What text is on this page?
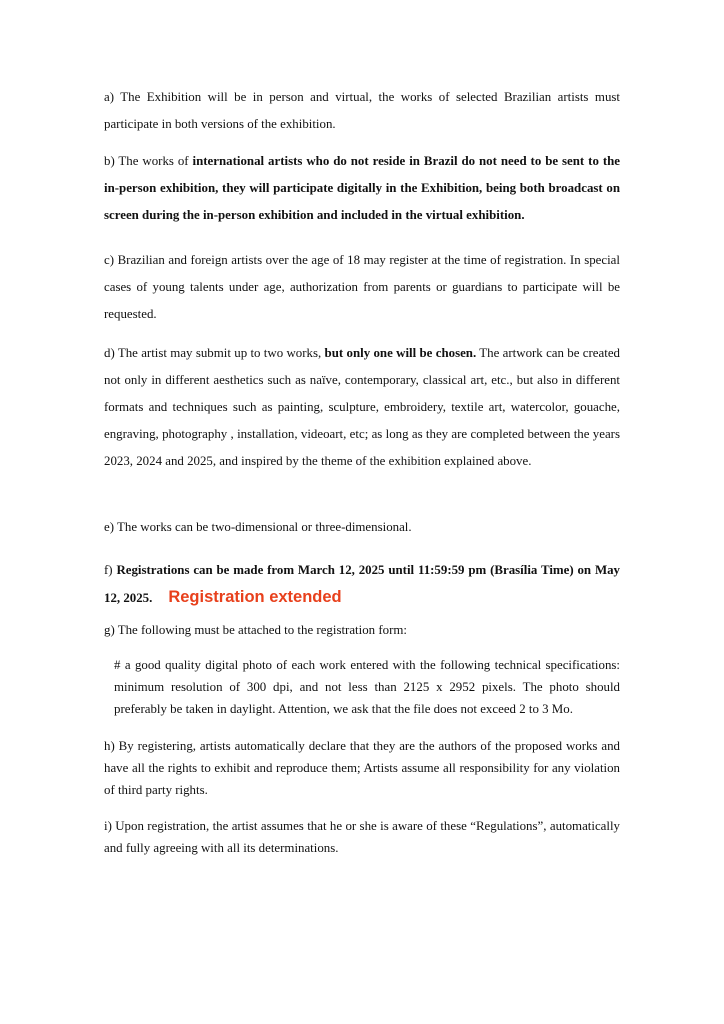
a) The Exhibition will be in person and virtual, the works of selected Brazilian artists must participate in both versions of the exhibition.

b) The works of international artists who do not reside in Brazil do not need to be sent to the in-person exhibition, they will participate digitally in the Exhibition, being both broadcast on screen during the in-person exhibition and included in the virtual exhibition.

c) Brazilian and foreign artists over the age of 18 may register at the time of registration. In special cases of young talents under age, authorization from parents or guardians to participate will be requested.

d) The artist may submit up to two works, but only one will be chosen. The artwork can be created not only in different aesthetics such as naïve, contemporary, classical art, etc., but also in different formats and techniques such as painting, sculpture, embroidery, textile art, watercolor, gouache, engraving, photography , installation, videoart, etc; as long as they are completed between the years 2023, 2024 and 2025, and inspired by the theme of the exhibition explained above.

e) The works can be two-dimensional or three-dimensional.

f) Registrations can be made from March 12, 2025 until 11:59:59 pm (Brasília Time) on May 12, 2025. Registration extended

g) The following must be attached to the registration form:

# a good quality digital photo of each work entered with the following technical specifications: minimum resolution of 300 dpi, and not less than 2125 x 2952 pixels. The photo should preferably be taken in daylight. Attention, we ask that the file does not exceed 2 to 3 Mo.

h) By registering, artists automatically declare that they are the authors of the proposed works and have all the rights to exhibit and reproduce them; Artists assume all responsibility for any violation of third party rights.

i) Upon registration, the artist assumes that he or she is aware of these “Regulations”, automatically and fully agreeing with all its determinations.
